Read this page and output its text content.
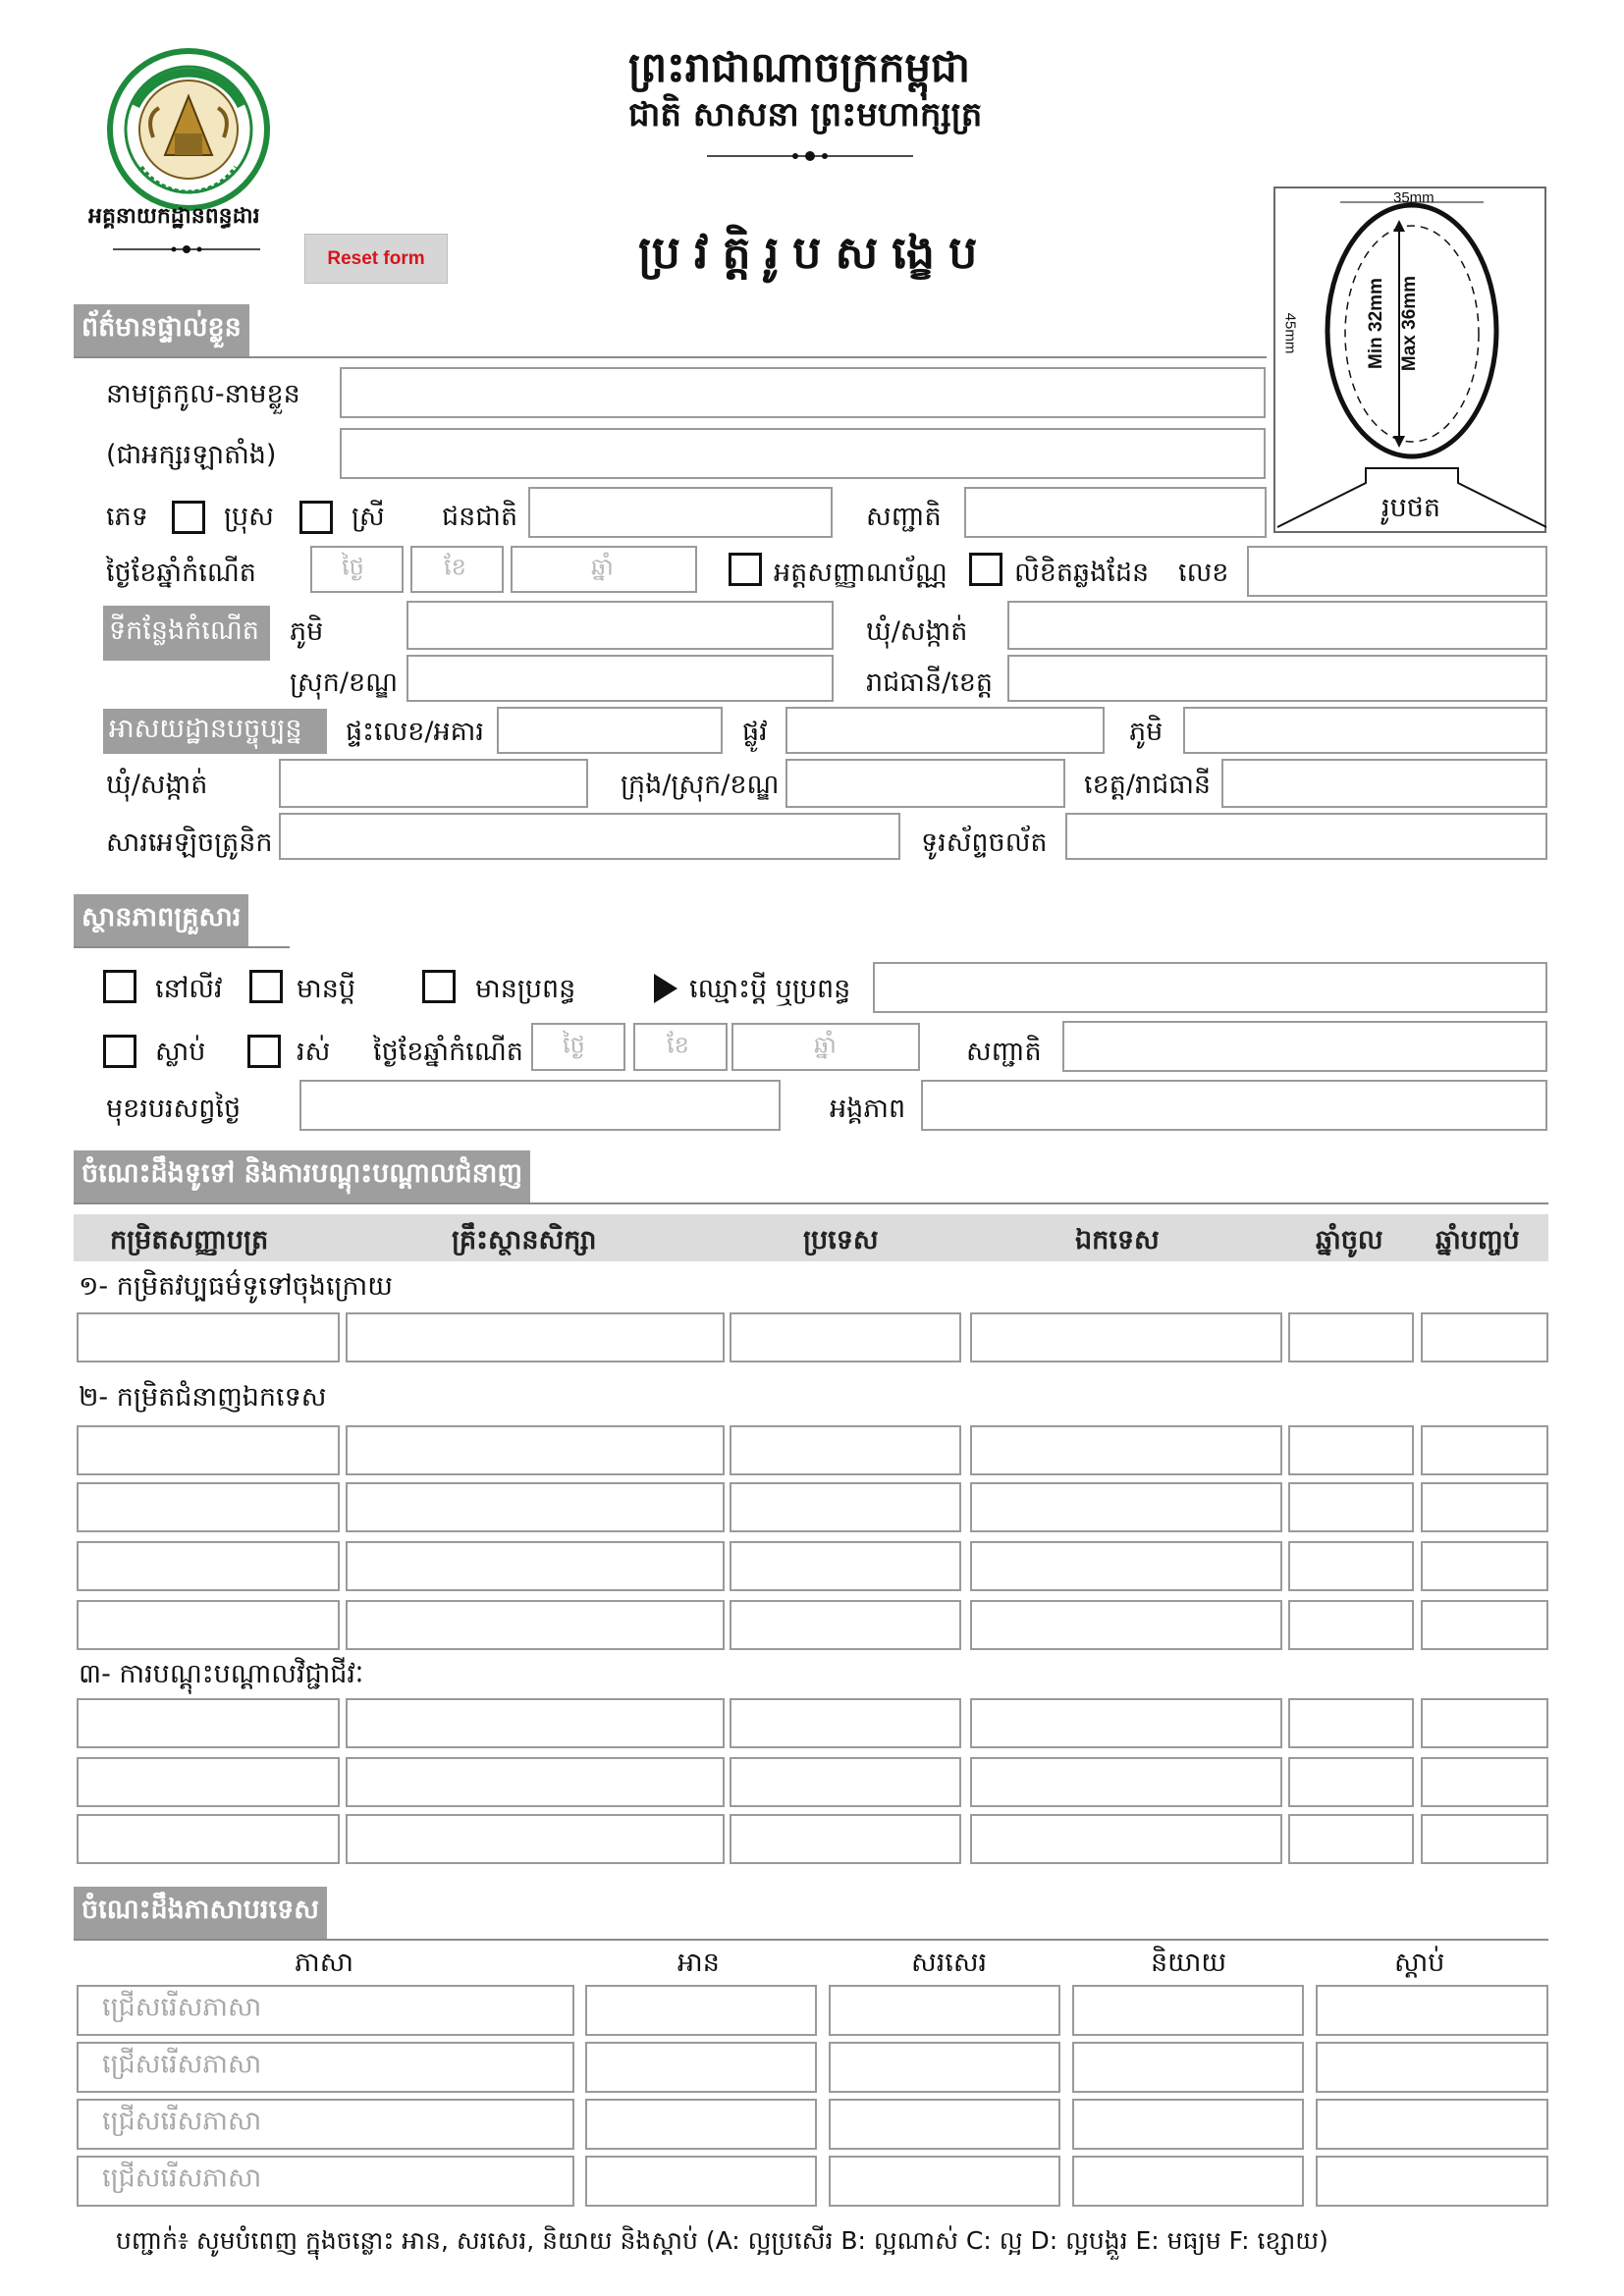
អគ្គនាយកដ្ឋានពន្ធដារ
Reset form
ព្រះរាជាណាចក្រកម្ពុជា
ជាតិ សាសនា ព្រះមហាក្សត្រ
ប្រវត្តិរូបសង្ខេប
35mm
45mm	Min 32mm Max 36mm
រូបថត
ព័ត៌មានផ្ទាល់ខ្លួន
នាមត្រកូល-នាមខ្លួន
(ជាអក្សរឡាតាំង)
ភេទ	ប្រុស	ស្រី ជនជាតិ	សញ្ជាតិ
ថ្ងៃខែឆ្នាំកំណើត	ថ្ងៃ	ខែ	ឆ្នាំ	អត្តសញ្ញាណប័ណ្ណ	លិខិតឆ្លងដែន លេខ
ទីកន្លែងកំណើត ភូមិ	ឃុំ/សង្កាត់
ស្រុក/ខណ្ឌ	រាជធានី/ខេត្ត
អាសយដ្ឋានបច្ចុប្បន្ន ផ្ទះលេខ/អគារ	ផ្លូវ	ភូមិ
ឃុំ/សង្កាត់	ក្រុង/ស្រុក/ខណ្ឌ	ខេត្ត/រាជធានី
សារអេឡិចត្រូនិក	ទូរស័ព្ទចល័ត
ស្ថានភាពគ្រួសារ
នៅលីវ	មានប្តី	មានប្រពន្ធ	ឈ្មោះប្តី ឬប្រពន្ធ
ស្លាប់	រស់ ថ្ងៃខែឆ្នាំកំណើត ថ្ងៃ	ខែ	ឆ្នាំ	សញ្ជាតិ
មុខរបរសព្វថ្ងៃ	អង្គភាព
ចំណេះដឹងទូទៅ និងការបណ្តុះបណ្តាលជំនាញ
កម្រិតសញ្ញាបត្រ	គ្រឹះស្ថានសិក្សា	ប្រទេស	ឯកទេស	ឆ្នាំចូល ឆ្នាំបញ្ចប់
១- កម្រិតវប្បធម៌ទូទៅចុងក្រោយ
២- កម្រិតជំនាញឯកទេស
៣- ការបណ្តុះបណ្តាលវិជ្ជាជីវៈ
ចំណេះដឹងភាសាបរទេស
ភាសា	អាន	សរសេរ	និយាយ	ស្តាប់
ជ្រើសរើសភាសា
ជ្រើសរើសភាសា
ជ្រើសរើសភាសា
ជ្រើសរើសភាសា
បញ្ជាក់៖ សូមបំពេញ ក្នុងចន្លោះ អាន, សរសេរ, និយាយ និងស្តាប់ (A: ល្អប្រសើរ B: ល្អណាស់ C: ល្អ D: ល្អបង្គួរ E: មធ្យម F: ខ្សោយ)
